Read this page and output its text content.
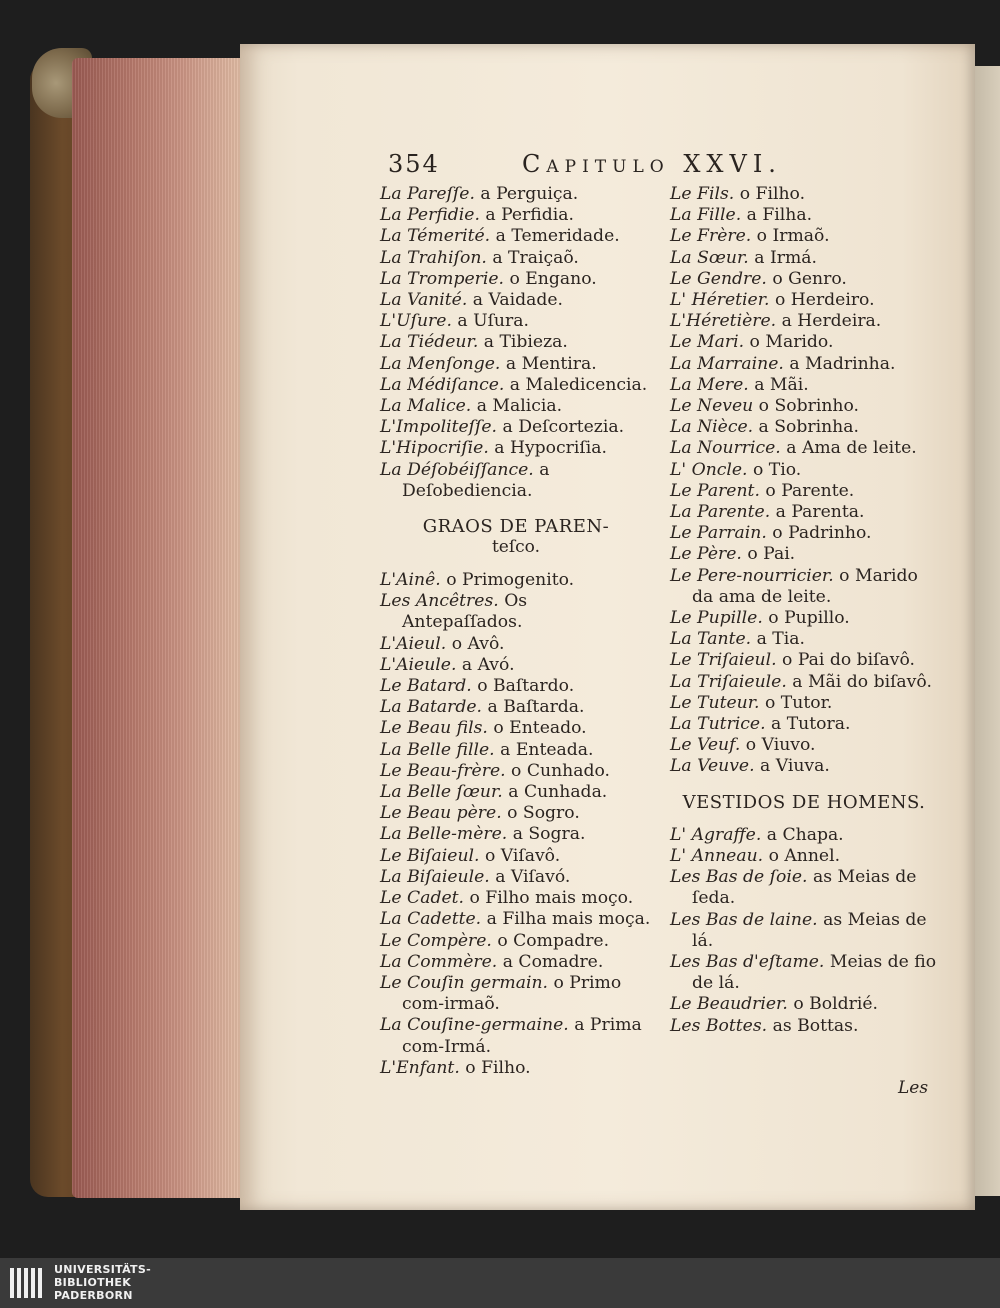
354	Capitulo XXVI.

La Pareſſe. a Perguiça.

La Perfidie. a Perfidia.

La Témerité. a Temeridade.

La Trahiſon. a Traiçaõ.

La Tromperie. o Engano.

La Vanité. a Vaidade.

L'Uſure. a Uſura.

La Tiédeur. a Tibieza.

La Menſonge. a Mentira.

La Médiſance. a Maledicencia.

La Malice. a Malicia.

L'Impoliteſſe. a Deſcortezia.

L'Hipocriſie. a Hypocriſia.

La Déſobéiſſance. a Deſobediencia.

GRAOS DE PAREN-
teſco.

L'Ainê. o Primogenito.

Les Ancêtres. Os Antepaſſados.

L'Aieul. o Avô.

L'Aieule. a Avó.

Le Batard. o Baſtardo.

La Batarde. a Baſtarda.

Le Beau fils. o Enteado.

La Belle fille. a Enteada.

Le Beau-frère. o Cunhado.

La Belle ſœur. a Cunhada.

Le Beau père. o Sogro.

La Belle-mère. a Sogra.

Le Biſaieul. o Viſavô.

La Biſaieule. a Viſavó.

Le Cadet. o Filho mais moço.

La Cadette. a Filha mais moça.

Le Compère. o Compadre.

La Commère. a Comadre.

Le Couſin germain. o Primo com-irmaõ.

La Couſine-germaine. a Prima com-Irmá.

L'Enfant. o Filho.

Le Fils. o Filho.

La Fille. a Filha.

Le Frère. o Irmaõ.

La Sœur. a Irmá.

Le Gendre. o Genro.

L' Héretier. o Herdeiro.

L'Héretière. a Herdeira.

Le Mari. o Marido.

La Marraine. a Madrinha.

La Mere. a Mãi.

Le Neveu o Sobrinho.

La Nièce. a Sobrinha.

La Nourrice. a Ama de leite.

L' Oncle. o Tio.

Le Parent. o Parente.

La Parente. a Parenta.

Le Parrain. o Padrinho.

Le Père. o Pai.

Le Pere-nourricier. o Marido da ama de leite.

Le Pupille. o Pupillo.

La Tante. a Tia.

Le Triſaieul. o Pai do biſavô.

La Triſaieule. a Mãi do biſavô.

Le Tuteur. o Tutor.

La Tutrice. a Tutora.

Le Veuf. o Viuvo.

La Veuve. a Viuva.

VESTIDOS DE HOMENS.

L' Agraffe. a Chapa.

L' Anneau. o Annel.

Les Bas de ſoie. as Meias de ſeda.

Les Bas de laine. as Meias de lá.

Les Bas d'eſtame. Meias de fio de lá.

Le Beaudrier. o Boldrié.

Les Bottes. as Bottas.

Les
UNIVERSITÄTS-
BIBLIOTHEK
PADERBORN
